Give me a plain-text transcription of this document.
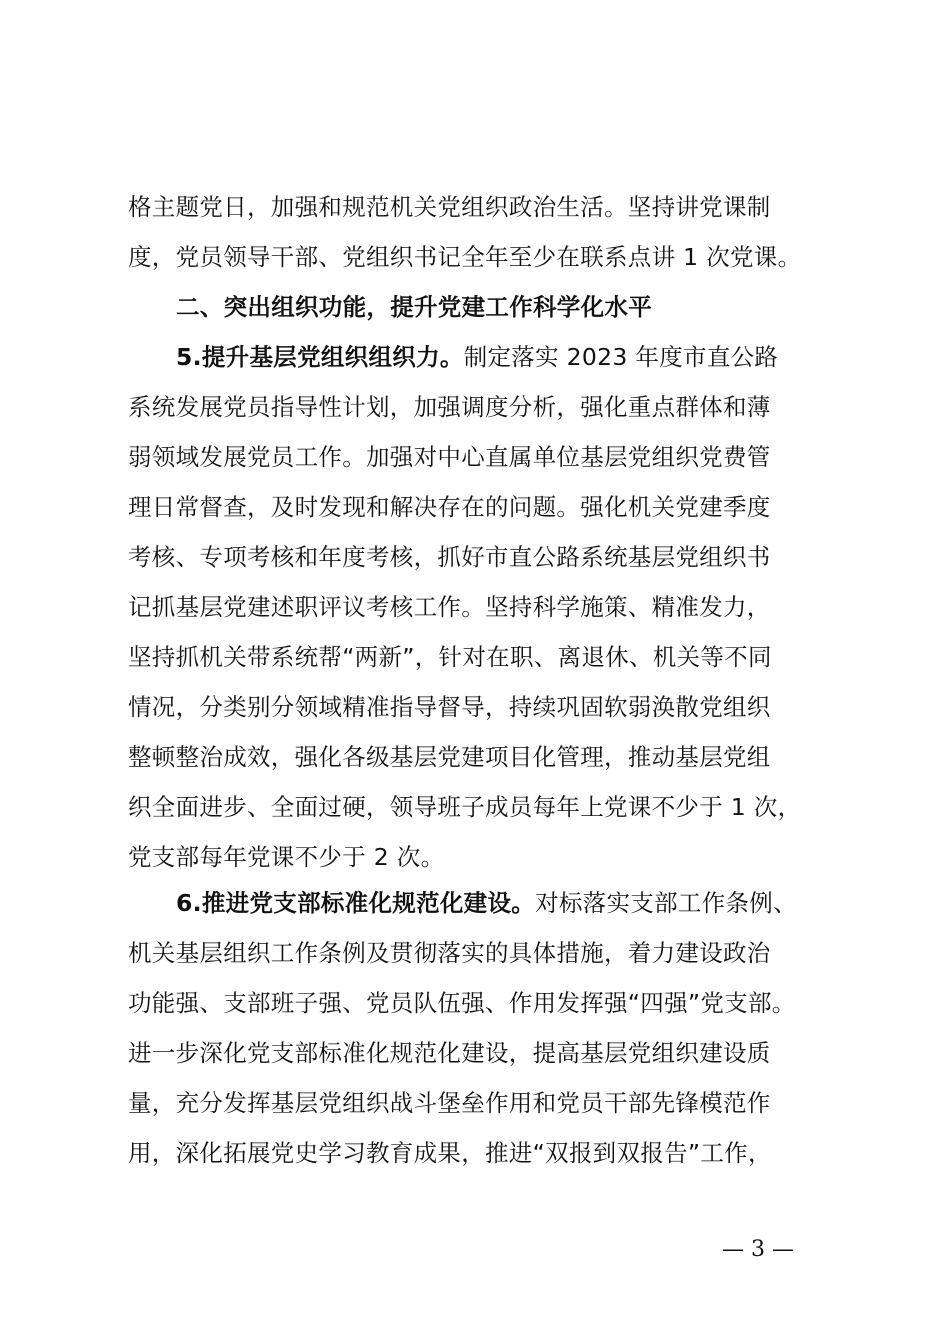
格主题党日，加强和规范机关党组织政治生活。坚持讲党课制
度，党员领导干部、党组织书记全年至少在联系点讲 1 次党课。
二、突出组织功能，提升党建工作科学化水平
5.提升基层党组织组织力。制定落实 2023 年度市直公路
系统发展党员指导性计划，加强调度分析，强化重点群体和薄
弱领域发展党员工作。加强对中心直属单位基层党组织党费管
理日常督查，及时发现和解决存在的问题。强化机关党建季度
考核、专项考核和年度考核，抓好市直公路系统基层党组织书
记抓基层党建述职评议考核工作。坚持科学施策、精准发力，
坚持抓机关带系统帮“两新”，针对在职、离退休、机关等不同
情况，分类别分领域精准指导督导，持续巩固软弱涣散党组织
整顿整治成效，强化各级基层党建项目化管理，推动基层党组
织全面进步、全面过硬，领导班子成员每年上党课不少于 1 次，
党支部每年党课不少于 2 次。
6.推进党支部标准化规范化建设。对标落实支部工作条例、
机关基层组织工作条例及贯彻落实的具体措施，着力建设政治
功能强、支部班子强、党员队伍强、作用发挥强“四强”党支部。
进一步深化党支部标准化规范化建设，提高基层党组织建设质
量，充分发挥基层党组织战斗堡垒作用和党员干部先锋模范作
用，深化拓展党史学习教育成果，推进“双报到双报告”工作，
— 3 —
